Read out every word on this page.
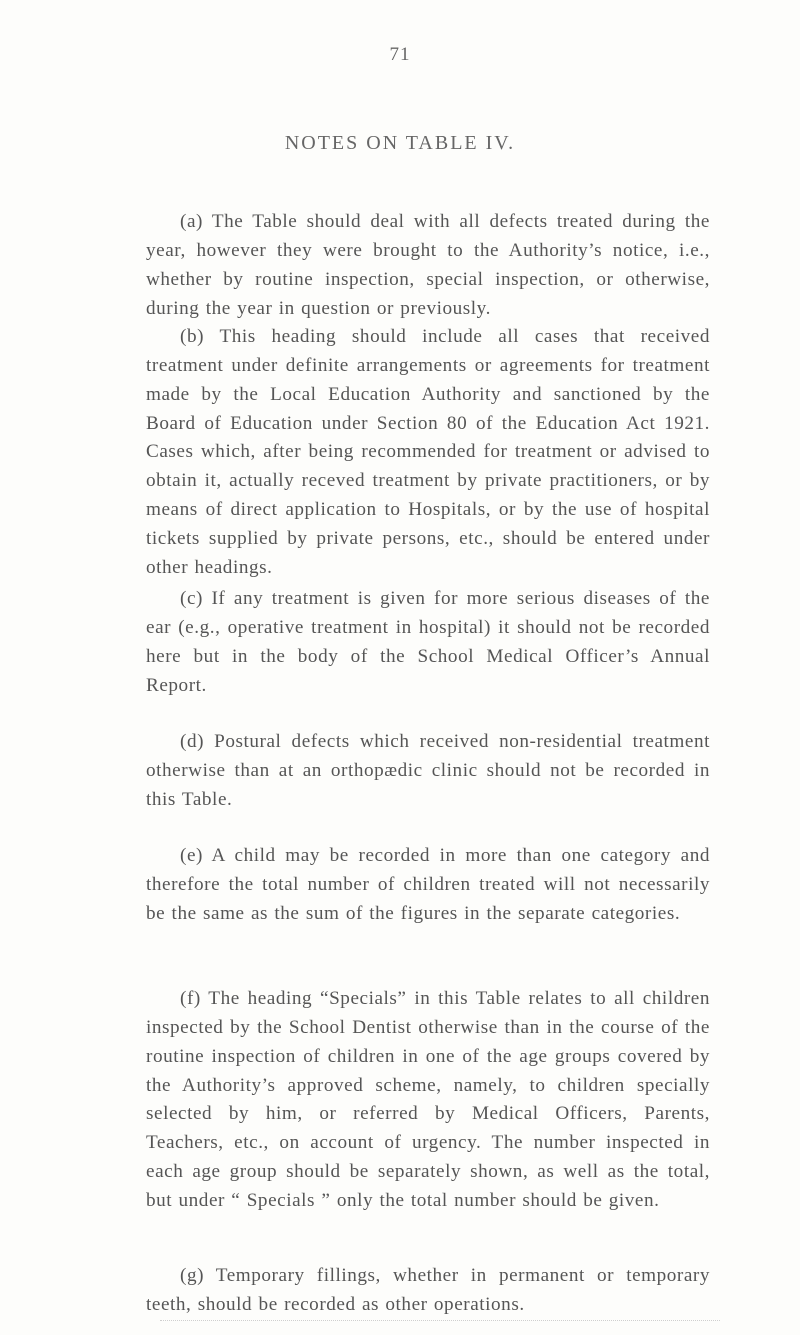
71
NOTES ON TABLE IV.

(a) The Table should deal with all defects treated during the year, however they were brought to the Authority’s notice, i.e., whether by routine inspection, special inspection, or otherwise, during the year in question or previously.

(b) This heading should include all cases that received treatment under definite arrangements or agreements for treatment made by the Local Education Authority and sanctioned by the Board of Education under Section 80 of the Education Act 1921. Cases which, after being recommended for treatment or advised to obtain it, actually receved treatment by private practitioners, or by means of direct application to Hospitals, or by the use of hospital tickets supplied by private persons, etc., should be entered under other headings.

(c) If any treatment is given for more serious diseases of the ear (e.g., operative treatment in hospital) it should not be recorded here but in the body of the School Medical Officer’s Annual Report.

(d) Postural defects which received non-residential treatment otherwise than at an orthopædic clinic should not be recorded in this Table.

(e) A child may be recorded in more than one category and therefore the total number of children treated will not necessarily be the same as the sum of the figures in the separate categories.

(f) The heading “Specials” in this Table relates to all children inspected by the School Dentist otherwise than in the course of the routine inspection of children in one of the age groups covered by the Authority’s approved scheme, namely, to children specially selected by him, or referred by Medical Officers, Parents, Teachers, etc., on account of urgency. The number inspected in each age group should be separately shown, as well as the total, but under “ Specials ” only the total number should be given.

(g) Temporary fillings, whether in permanent or temporary teeth, should be recorded as other operations.
